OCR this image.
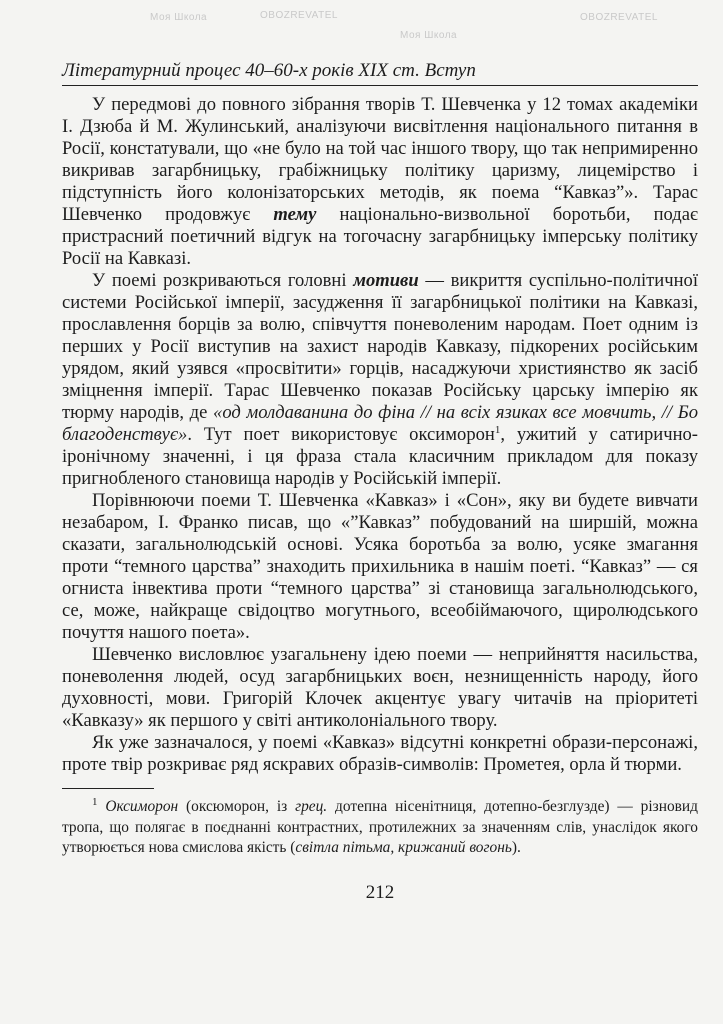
Моя Школа	OBOZREVATEL	OBOZREVATEL
Моя Школа
Літературний процес 40–60-х років XIX ст. Вступ

У передмові до повного зібрання творів Т. Шевченка у 12 томах академіки І. Дзюба й М. Жулинський, аналізуючи висвітлення національного питання в Росії, констатували, що «не було на той час іншого твору, що так непримиренно викривав загарбницьку, грабіжницьку політику царизму, лицемірство і підступність його колонізаторських методів, як поема “Кавказ”». Тарас Шевченко продовжує тему національно-визвольної боротьби, подає пристрасний поетичний відгук на тогочасну загарбницьку імперську політику Росії на Кавказі.

У поемі розкриваються головні мотиви — викриття суспільно-політичної системи Російської імперії, засудження її загарбницької політики на Кавказі, прославлення борців за волю, співчуття поневоленим народам. Поет одним із перших у Росії виступив на захист народів Кавказу, підкорених російським урядом, який узявся «просвітити» горців, насаджуючи християнство як засіб зміцнення імперії. Тарас Шевченко показав Російську царську імперію як тюрму народів, де «од молдаванина до фіна // на всіх язиках все мовчить, // Бо благоденствує». Тут поет використовує оксиморон$^1$, ужитий у сатирично-іронічному значенні, і ця фраза стала класичним прикладом для показу пригнобленого становища народів у Російській імперії.

Порівнюючи поеми Т. Шевченка «Кавказ» і «Сон», яку ви будете вивчати незабаром, І. Франко писав, що «”Кавказ” побудований на ширшій, можна сказати, загальнолюдській основі. Усяка боротьба за волю, усяке змагання проти “темного царства” знаходить прихильника в нашім поеті. “Кавказ” — ся огниста інвектива проти “темного царства” зі становища загальнолюдського, се, може, найкраще свідоцтво могутнього, всеобіймаючого, щиролюдського почуття нашого поета».

Шевченко висловлює узагальнену ідею поеми — неприйняття насильства, поневолення людей, осуд загарбницьких воєн, незнищенність народу, його духовності, мови. Григорій Клочек акцентує увагу читачів на пріоритеті «Кавказу» як першого у світі антиколоніального твору.

Як уже зазначалося, у поемі «Кавказ» відсутні конкретні образи-персонажі, проте твір розкриває ряд яскравих образів-символів: Прометея, орла й тюрми.

$^1$ Оксиморон (оксюморон, із грец. дотепна нісенітниця, дотепно-безглузде) — різновид тропа, що полягає в поєднанні контрастних, протилежних за значенням слів, унаслідок якого утворюється нова смислова якість (світла пітьма, крижаний вогонь).

212
